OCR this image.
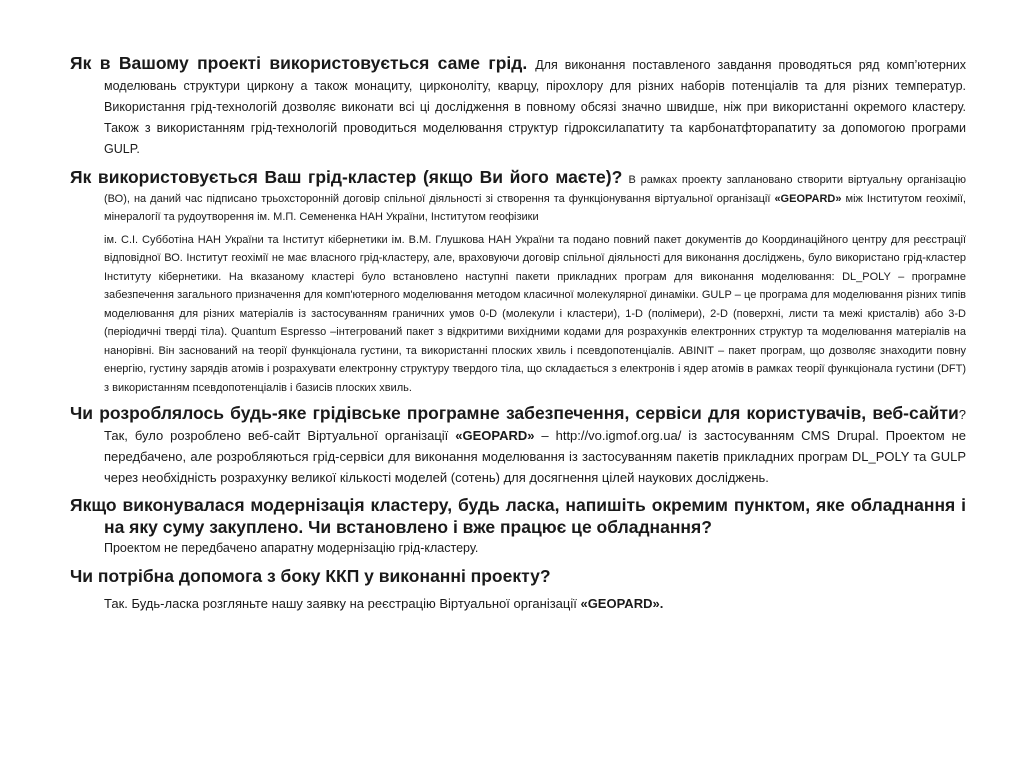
Як в Вашому проекті використовується саме грід. Для виконання поставленого завдання проводяться ряд комп’ютерних моделювань структури циркону а також монациту, цирконоліту, кварцу, пірохлору для різних наборів потенціалів та для різних температур. Використання грід-технологій дозволяє виконати всі ці дослідження в повному обсязі значно швидше, ніж при використанні окремого кластеру. Також з використанням грід-технологій проводиться моделювання структур гідроксилапатиту та карбонатфторапатиту за допомогою програми GULP.
Як використовується Ваш грід-кластер (якщо Ви його маєте)? В рамках проекту заплановано створити віртуальну організацію (ВО), на даний час підписано трьохсторонній договір спільної діяльності зі створення та функціонування віртуальної організації «GEOPARD» між Інститутом геохімії, мінералогії та рудоутворення ім. М.П. Семененка НАН України, Інститутом геофізики
ім. С.І. Субботіна НАН України та Інститут кібернетики ім. В.М. Глушкова НАН України та подано повний пакет документів до Координаційного центру для реєстрації відповідної ВО. Інститут геохімії не має власного грід-кластеру, але, враховуючи договір спільної діяльності для виконання досліджень, було використано грід-кластер Інституту кібернетики. На вказаному кластері було встановлено наступні пакети прикладних програм для виконання моделювання: DL_POLY – програмне забезпечення загального призначення для комп'ютерного моделювання методом класичної молекулярної динаміки. GULP – це програма для моделювання різних типів моделювання для різних матеріалів із застосуванням граничних умов 0-D (молекули і кластери), 1-D (полімери), 2-D (поверхні, листи та межі кристалів) або 3-D (періодичні тверді тіла). Quantum Espresso –інтегрований пакет з відкритими вихідними кодами для розрахунків електронних структур та моделювання матеріалів на нанорівні. Він заснований на теорії функціонала густини, та використанні плоских хвиль і псевдопотенціалів. ABINIT – пакет програм, що дозволяє знаходити повну енергію, густину зарядів атомів і розрахувати електронну структуру твердого тіла, що складається з електронів і ядер атомів в рамках теорії функціонала густини (DFT) з використанням псевдопотенціалів і базисів плоских хвиль.
Чи розроблялось будь-яке грідівське програмне забезпечення, сервіси для користувачів, веб-сайти? Так, було розроблено веб-сайт Віртуальної організації «GEOPARD» – http://vo.igmof.org.ua/ із застосуванням CMS Drupal. Проектом не передбачено, але розробляються грід-сервіси для виконання моделювання із застосуванням пакетів прикладних програм DL_POLY та GULP через необхідність розрахунку великої кількості моделей (сотень) для досягнення цілей наукових досліджень.
Якщо виконувалася модернізація кластеру, будь ласка, напишіть окремим пунктом, яке обладнання і на яку суму закуплено. Чи встановлено і вже працює це обладнання?
Проектом не передбачено апаратну модернізацію грід-кластеру.
Чи потрібна допомога з боку ККП у виконанні проекту?
Так. Будь-ласка розгляньте нашу заявку на реєстрацію Віртуальної організації «GEOPARD».
